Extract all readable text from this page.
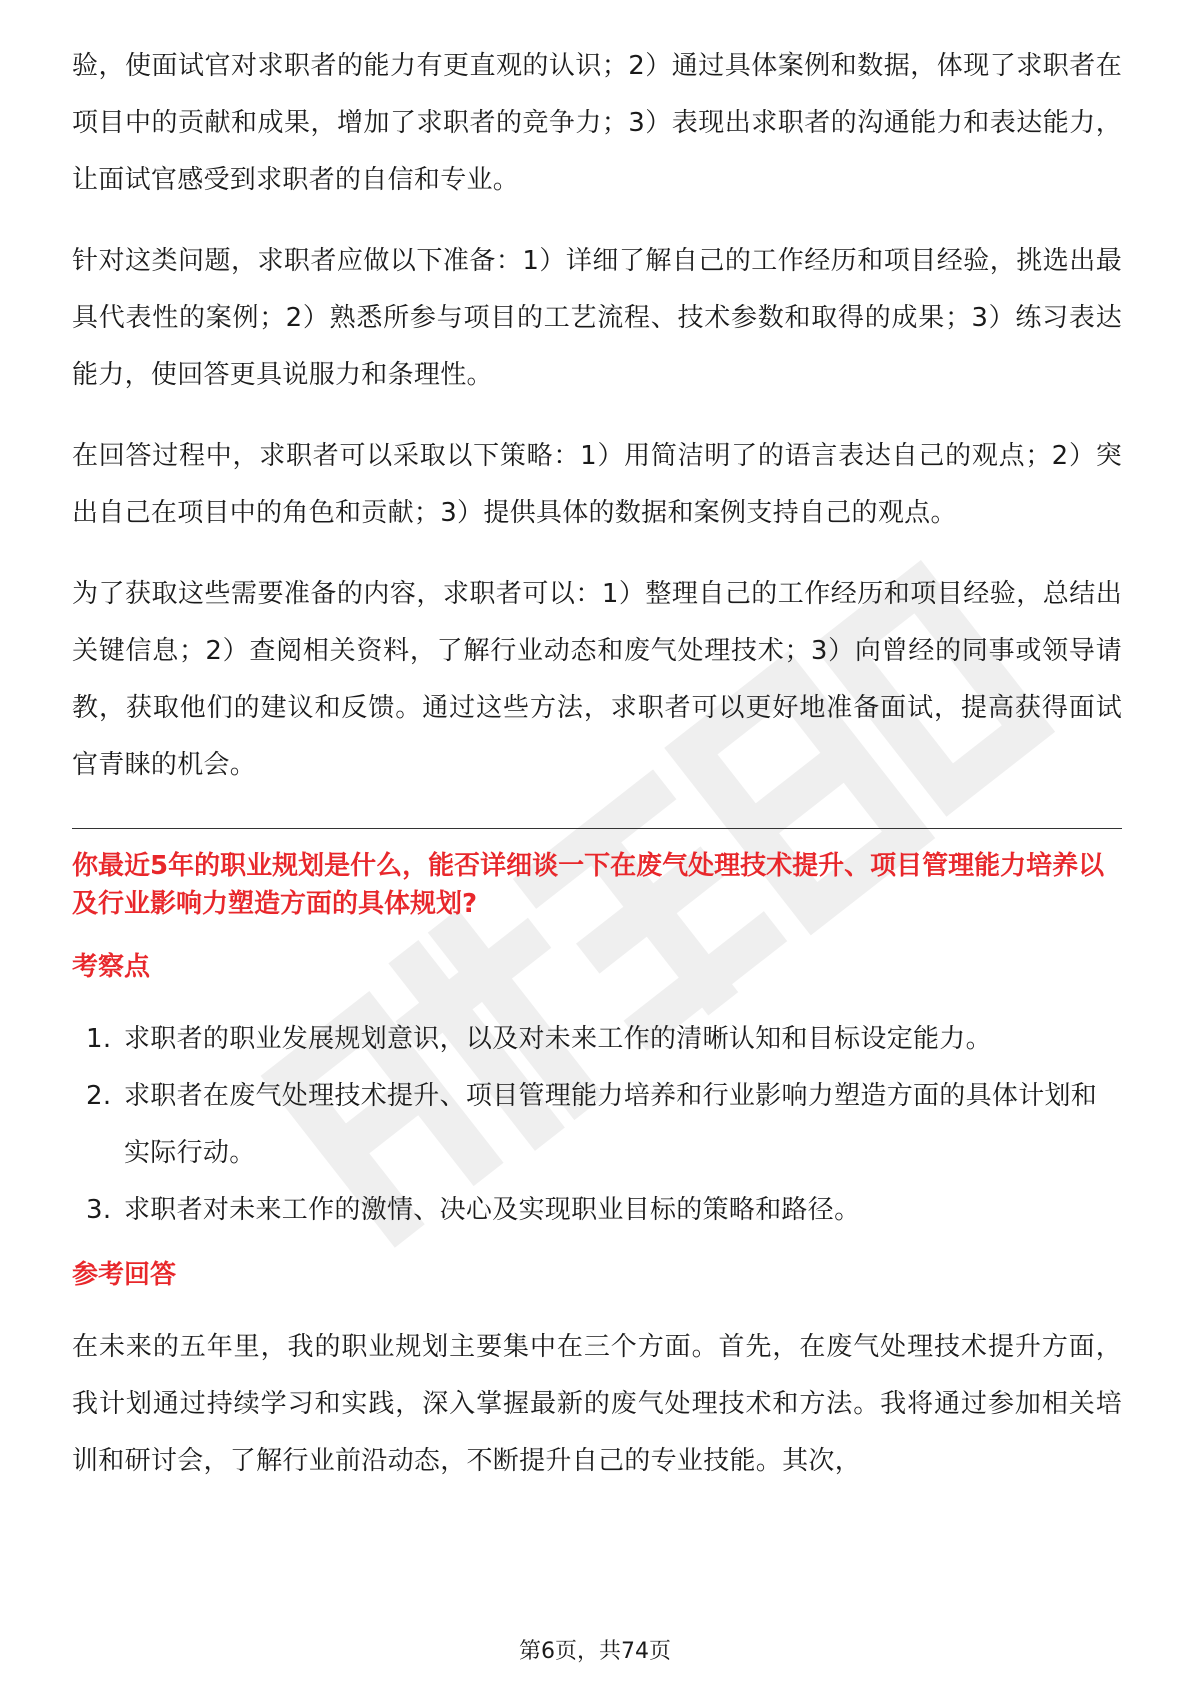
验，使面试官对求职者的能力有更直观的认识；2）通过具体案例和数据，体现了求职者在项目中的贡献和成果，增加了求职者的竞争力；3）表现出求职者的沟通能力和表达能力，让面试官感受到求职者的自信和专业。

针对这类问题，求职者应做以下准备：1）详细了解自己的工作经历和项目经验，挑选出最具代表性的案例；2）熟悉所参与项目的工艺流程、技术参数和取得的成果；3）练习表达能力，使回答更具说服力和条理性。

在回答过程中，求职者可以采取以下策略：1）用简洁明了的语言表达自己的观点；2）突出自己在项目中的角色和贡献；3）提供具体的数据和案例支持自己的观点。

为了获取这些需要准备的内容，求职者可以：1）整理自己的工作经历和项目经验，总结出关键信息；2）查阅相关资料，了解行业动态和废气处理技术；3）向曾经的同事或领导请教，获取他们的建议和反馈。通过这些方法，求职者可以更好地准备面试，提高获得面试官青睐的机会。

你最近5年的职业规划是什么，能否详细谈一下在废气处理技术提升、项目管理能力培养以及行业影响力塑造方面的具体规划?
考察点
1. 求职者的职业发展规划意识，以及对未来工作的清晰认知和目标设定能力。
2. 求职者在废气处理技术提升、项目管理能力培养和行业影响力塑造方面的具体计划和实际行动。
3. 求职者对未来工作的激情、决心及实现职业目标的策略和路径。
参考回答

在未来的五年里，我的职业规划主要集中在三个方面。首先，在废气处理技术提升方面，我计划通过持续学习和实践，深入掌握最新的废气处理技术和方法。我将通过参加相关培训和研讨会，了解行业前沿动态，不断提升自己的专业技能。其次，

第6页，共74页
